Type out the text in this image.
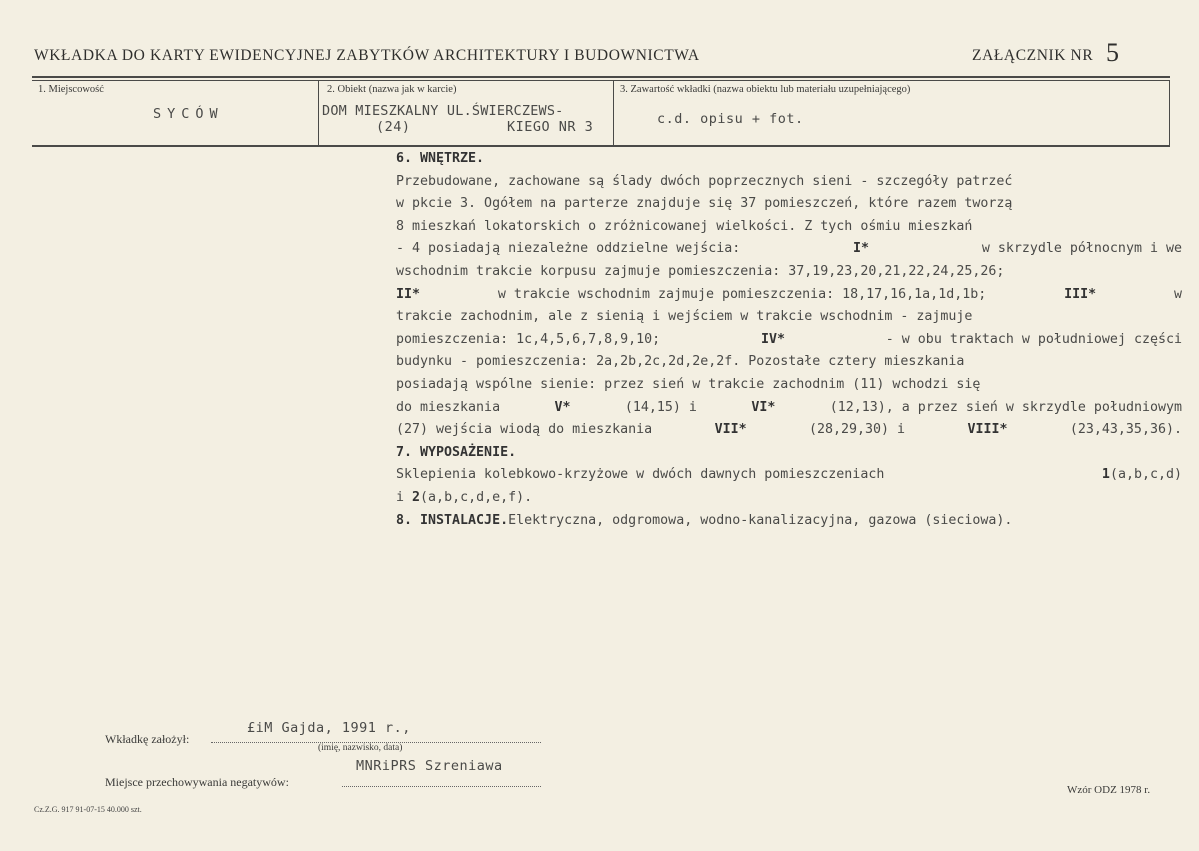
WKŁADKA DO KARTY EWIDENCYJNEJ ZABYTKÓW ARCHITEKTURY I BUDOWNICTWA	ZAŁĄCZNIK NR 5
1. Miejscowość
SYCÓW
2. Obiekt (nazwa jak w karcie)
DOM MIESZKALNY UL.ŚWIERCZEWS-
(24)	KIEGO NR 3
3. Zawartość wkładki (nazwa obiektu lub materiału uzupełniającego)
c.d. opisu + fot.
6. WNĘTRZE.
Przebudowane, zachowane są ślady dwóch poprzecznych sieni - szczegóły patrzeć
w pkcie 3. Ogółem na parterze znajduje się 37 pomieszczeń, które razem tworzą
8 mieszkań lokatorskich o zróżnicowanej wielkości. Z tych ośmiu mieszkań
- 4 posiadają niezależne oddzielne wejścia:	I*	w skrzydle północnym i we
wschodnim trakcie korpusu zajmuje pomieszczenia: 37,19,23,20,21,22,24,25,26;
II*	w trakcie wschodnim zajmuje pomieszczenia: 18,17,16,1a,1d,1b;	III*	w
trakcie zachodnim, ale z sienią i wejściem w trakcie wschodnim - zajmuje
pomieszczenia: 1c,4,5,6,7,8,9,10;	IV*	- w obu traktach w południowej części
budynku - pomieszczenia: 2a,2b,2c,2d,2e,2f. Pozostałe cztery mieszkania
posiadają wspólne sienie: przez sień w trakcie zachodnim (11) wchodzi się
do mieszkania	V*	(14,15) i	VI*	(12,13), a przez sień w skrzydle południowym
(27) wejścia wiodą do mieszkania	VII*	(28,29,30) i	VIII*	(23,43,35,36).
7. WYPOSAŻENIE.
Sklepienia kolebkowo-krzyżowe w dwóch dawnych pomieszczeniach	1(a,b,c,d)
i
2 (a,b,c,d,e,f).
8. INSTALACJE. Elektryczna, odgromowa, wodno-kanalizacyjna, gazowa (sieciowa).
Wkładkę założył:
£iM Gajda, 1991 r.,
(imię, nazwisko, data)
Miejsce przechowywania negatywów:
MNRiPRS Szreniawa
Cz.Z.G. 917 91-07-15 40.000 szt.
Wzór ODZ 1978 r.
